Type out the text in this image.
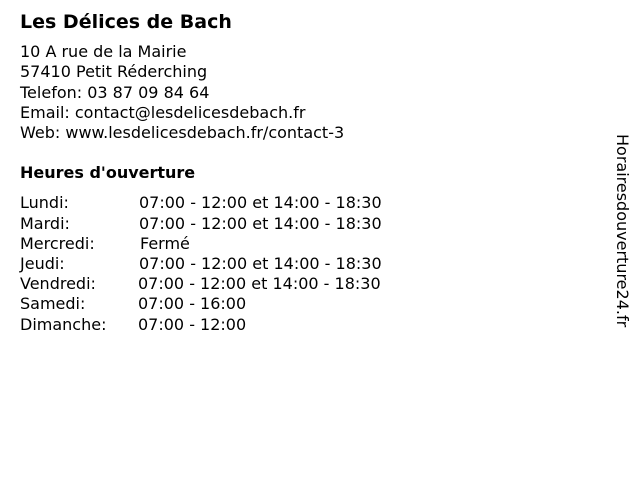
Les Délices de Bach
10 A rue de la Mairie
57410 Petit Réderching
Telefon: 03 87 09 84 64
Email: contact@lesdelicesdebach.fr
Web: www.lesdelicesdebach.fr/contact-3
Heures d'ouverture
Lundi:	07:00 - 12:00 et 14:00 - 18:30
Mardi:	07:00 - 12:00 et 14:00 - 18:30
Mercredi:	Fermé
Jeudi:	07:00 - 12:00 et 14:00 - 18:30
Vendredi:	07:00 - 12:00 et 14:00 - 18:30
Samedi:	07:00 - 16:00
Dimanche: 07:00 - 12:00	Horairesdouverture24.fr
